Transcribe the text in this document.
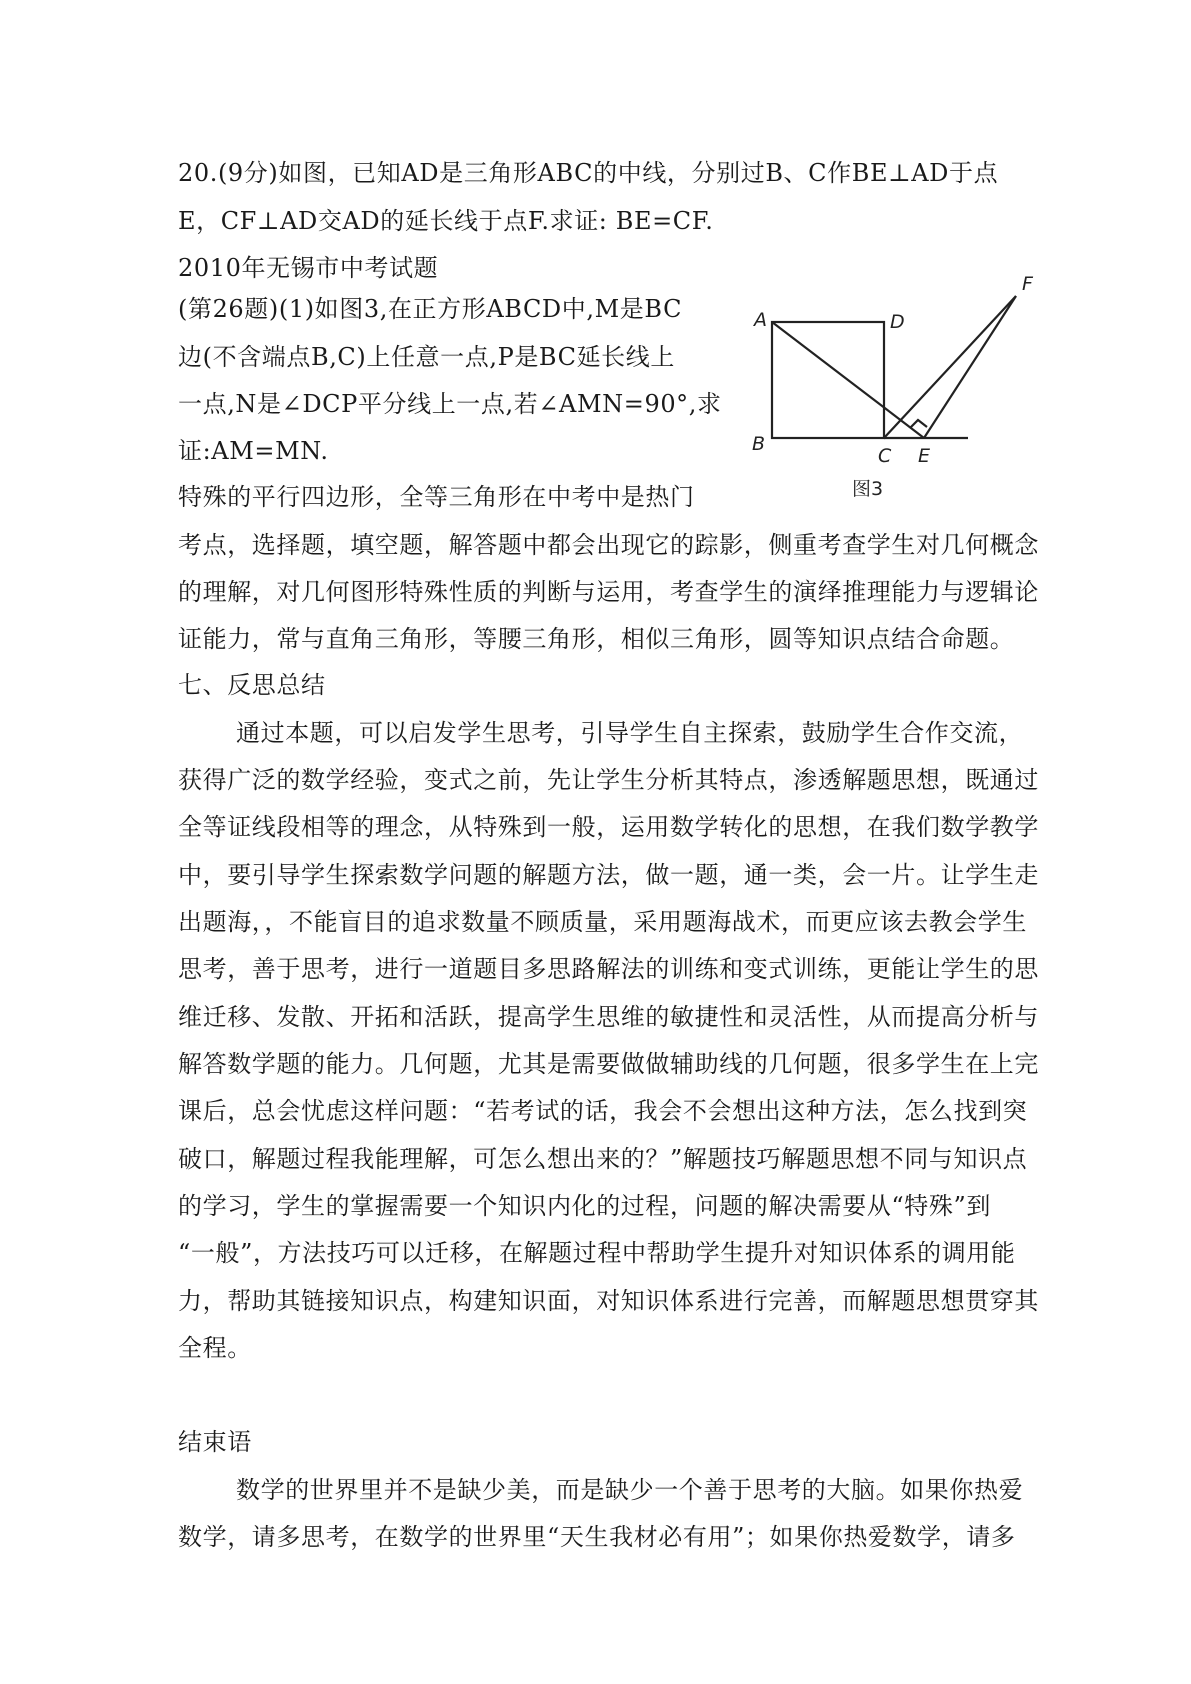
20.(9分)如图，已知AD是三角形ABC的中线，分别过B、C作BE⊥AD于点
E，CF⊥AD交AD的延长线于点F.求证: BE=CF.
2010年无锡市中考试题
(第26题)(1)如图3,在正方形ABCD中,M是BC
边(不含端点B,C)上任意一点,P是BC延长线上
一点,N是∠DCP平分线上一点,若∠AMN=90°,求
证:AM=MN.
A	D
B
C E
F
图3
特殊的平行四边形，全等三角形在中考中是热门
考点，选择题，填空题，解答题中都会出现它的踪影，侧重考查学生对几何概念
的理解，对几何图形特殊性质的判断与运用，考查学生的演绎推理能力与逻辑论
证能力，常与直角三角形，等腰三角形，相似三角形，圆等知识点结合命题。
七、反思总结
通过本题，可以启发学生思考，引导学生自主探索，鼓励学生合作交流，
获得广泛的数学经验，变式之前，先让学生分析其特点，渗透解题思想，既通过
全等证线段相等的理念，从特殊到一般，运用数学转化的思想，在我们数学教学
中，要引导学生探索数学问题的解题方法，做一题，通一类，会一片。让学生走
出题海，，不能盲目的追求数量不顾质量，采用题海战术，而更应该去教会学生
思考，善于思考，进行一道题目多思路解法的训练和变式训练，更能让学生的思
维迁移、发散、开拓和活跃，提高学生思维的敏捷性和灵活性，从而提高分析与
解答数学题的能力。几何题，尤其是需要做做辅助线的几何题，很多学生在上完
课后，总会忧虑这样问题：“若考试的话，我会不会想出这种方法，怎么找到突
破口，解题过程我能理解，可怎么想出来的？”解题技巧解题思想不同与知识点
的学习，学生的掌握需要一个知识内化的过程，问题的解决需要从“特殊”到
“一般”，方法技巧可以迁移，在解题过程中帮助学生提升对知识体系的调用能
力，帮助其链接知识点，构建知识面，对知识体系进行完善，而解题思想贯穿其
全程。
结束语
数学的世界里并不是缺少美，而是缺少一个善于思考的大脑。如果你热爱
数学，请多思考，在数学的世界里“天生我材必有用”；如果你热爱数学，请多
